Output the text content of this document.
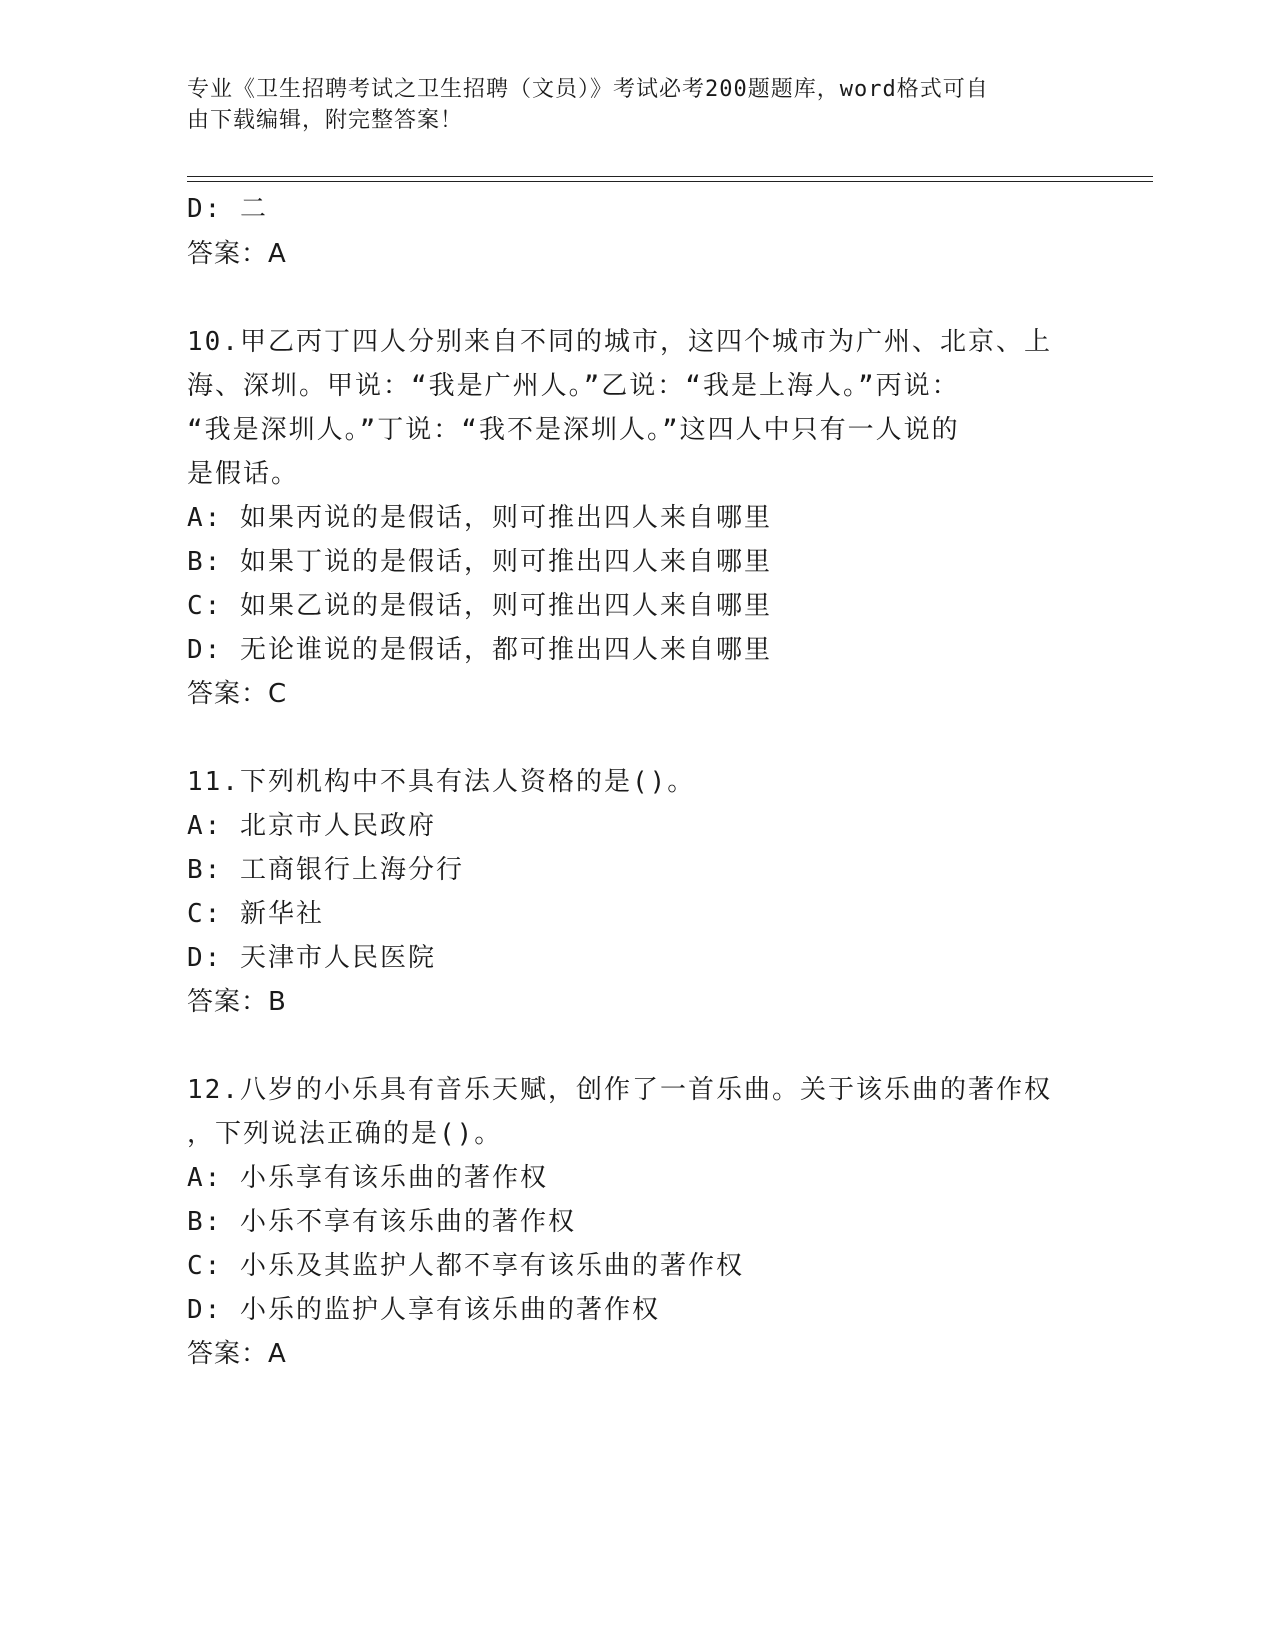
专业《卫生招聘考试之卫生招聘（文员）》考试必考200题题库，word格式可自
由下载编辑，附完整答案！
D: 二
答案：A
10.甲乙丙丁四人分别来自不同的城市，这四个城市为广州、北京、上
海、深圳。甲说：“我是广州人。”乙说：“我是上海人。”丙说：
“我是深圳人。”丁说：“我不是深圳人。”这四人中只有一人说的
是假话。
A: 如果丙说的是假话，则可推出四人来自哪里
B: 如果丁说的是假话，则可推出四人来自哪里
C: 如果乙说的是假话，则可推出四人来自哪里
D: 无论谁说的是假话，都可推出四人来自哪里
答案：C
11.下列机构中不具有法人资格的是()。
A: 北京市人民政府
B: 工商银行上海分行
C: 新华社
D: 天津市人民医院
答案：B
12.八岁的小乐具有音乐天赋，创作了一首乐曲。关于该乐曲的著作权
，下列说法正确的是()。
A: 小乐享有该乐曲的著作权
B: 小乐不享有该乐曲的著作权
C: 小乐及其监护人都不享有该乐曲的著作权
D: 小乐的监护人享有该乐曲的著作权
答案：A
